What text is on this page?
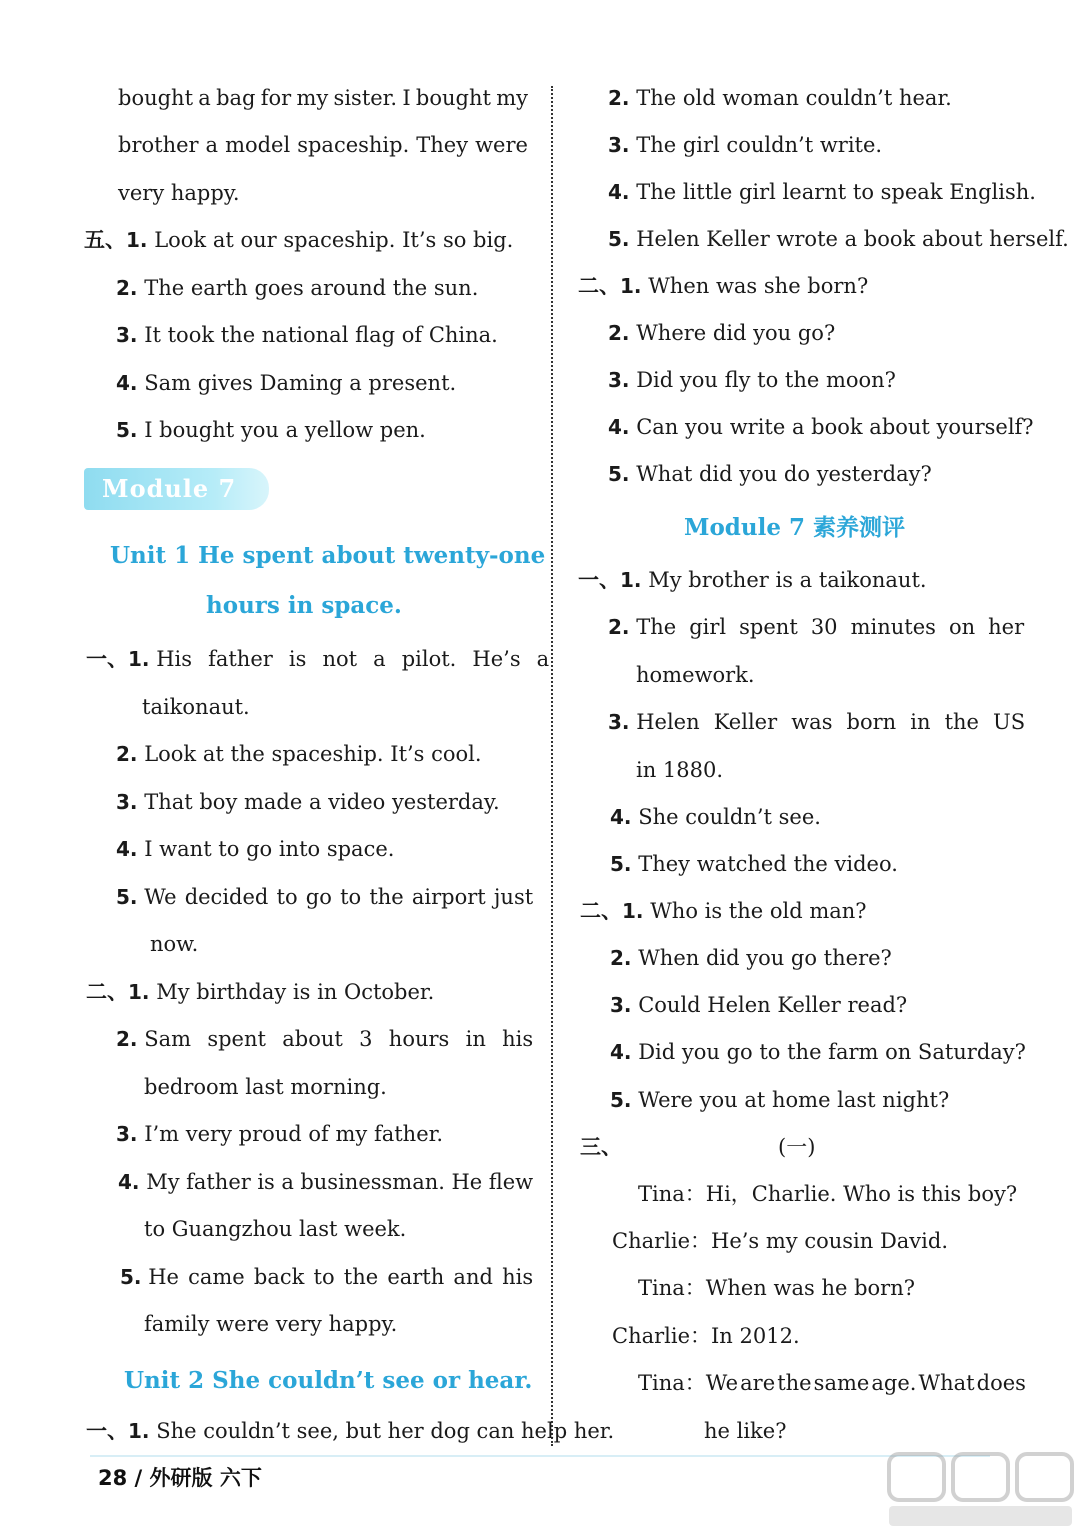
bought a bag for my sister. I bought my
brother a model spaceship. They were
very happy.
五、1. Look at our spaceship. It’s so big.
2. The earth goes around the sun.
3. It took the national flag of China.
4. Sam gives Daming a present.
5. I bought you a yellow pen.
一、1. His father is not a pilot. He’s a
taikonaut.
2. Look at the spaceship. It’s cool.
3. That boy made a video yesterday.
4. I want to go into space.
5. We decided to go to the airport just
now.
二、1. My birthday is in October.
2. Sam spent about 3 hours in his
bedroom last morning.
3. I’m very proud of my father.
4. My father is a businessman. He flew
to Guangzhou last week.
5. He came back to the earth and his
family were very happy.
一、1. She couldn’t see, but her dog can help her.
2. The old woman couldn’t hear.
3. The girl couldn’t write.
4. The little girl learnt to speak English.
5. Helen Keller wrote a book about herself.
二、1. When was she born?
2. Where did you go?
3. Did you fly to the moon?
4. Can you write a book about yourself?
5. What did you do yesterday?
一、1. My brother is a taikonaut.
2. The girl spent 30 minutes on her
homework.
3. Helen Keller was born in the US
in 1880.
4. She couldn’t see.
5. They watched the video.
二、1. Who is the old man?
2. When did you go there?
3. Could Helen Keller read?
4. Did you go to the farm on Saturday?
5. Were you at home last night?
三、	(一)
Tina：Hi，Charlie. Who is this boy?
Charlie：He’s my cousin David.
Tina：When was he born?
Charlie：In 2012.
Tina：We are the same age. What does
he like?
Module 7
Unit 1 He spent about twenty-one
hours in space.
Unit 2 She couldn’t see or hear.
Module 7 素养测评
28 / 外研版 六下
